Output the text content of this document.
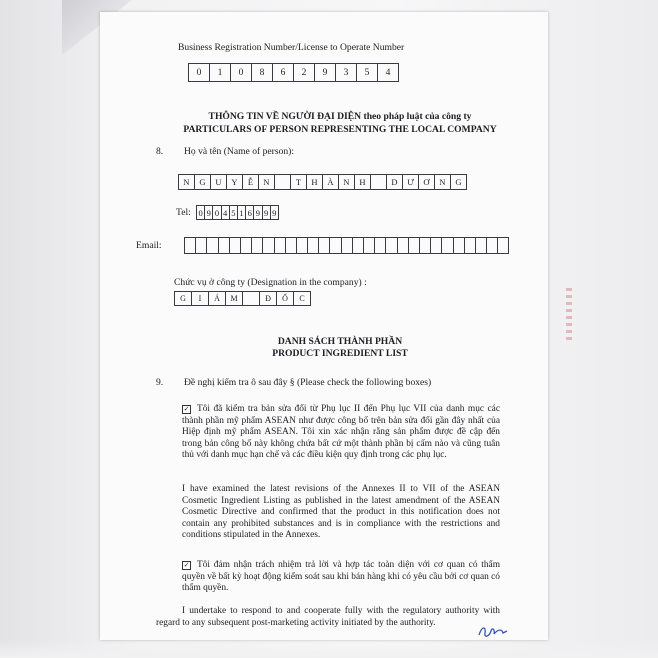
Business Registration Number/License to Operate Number
0	1	0	8	6	2	9	3	5	4
THÔNG TIN VỀ NGƯỜI ĐẠI DIỆN theo pháp luật của công ty
PARTICULARS OF PERSON REPRESENTING THE LOCAL COMPANY
8. Họ và tên (Name of person):
N	G	U	Y	Ễ	N	T	H	À	N	H	D	Ư	Ơ	N	G
Tel: 0 9 0 4 5 1 6 9 9 9
Email:
Chức vụ ở công ty (Designation in the company) :
G	I	Á	M	Đ	Ố	C
DANH SÁCH THÀNH PHẦN
PRODUCT INGREDIENT LIST
9. Đề nghị kiểm tra ô sau đây § (Please check the following boxes)
✓ Tôi đã kiểm tra bản sửa đổi từ Phụ lục II đến Phụ lục VII của danh mục các thành phần mỹ phẩm ASEAN như được công bố trên bản sửa đổi gần đây nhất của Hiệp định mỹ phẩm ASEAN. Tôi xin xác nhận rằng sản phẩm được đề cập đến trong bản công bố này không chứa bất cứ một thành phần bị cấm nào và cũng tuân thủ với danh mục hạn chế và các điều kiện quy định trong các phụ lục.
I have examined the latest revisions of the Annexes II to VII of the ASEAN Cosmetic Ingredient Listing as published in the latest amendment of the ASEAN Cosmetic Directive and confirmed that the product in this notification does not contain any prohibited substances and is in compliance with the restrictions and conditions stipulated in the Annexes.
✓ Tôi đảm nhận trách nhiệm trả lời và hợp tác toàn diện với cơ quan có thẩm quyền về bất kỳ hoạt động kiểm soát sau khi bán hàng khi có yêu cầu bởi cơ quan có thẩm quyền.
I undertake to respond to and cooperate fully with the regulatory authority with regard to any subsequent post-marketing activity initiated by the authority.
